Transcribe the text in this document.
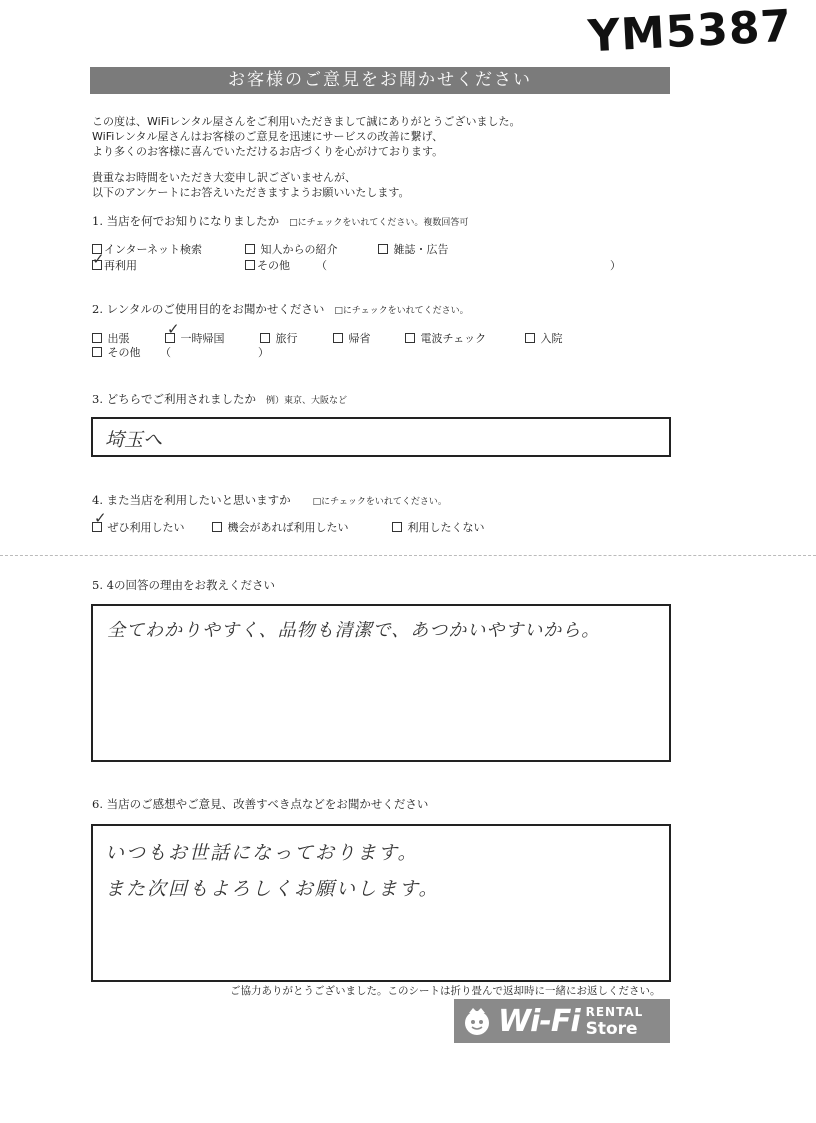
YM5387
お客様のご意見をお聞かせください
この度は、WiFiレンタル屋さんをご利用いただきまして誠にありがとうございました。
WiFiレンタル屋さんはお客様のご意見を迅速にサービスの改善に繋げ、
より多くのお客様に喜んでいただけるお店づくりを心がけております。
貴重なお時間をいただき大変申し訳ございませんが、
以下のアンケートにお答えいただきますようお願いいたします。
1. 当店を何でお知りになりましたか □にチェックをいれてください。複数回答可
インターネット検索	知人からの紹介	雑誌・広告
再利用
✓	その他 （	）
2. レンタルのご使用目的をお聞かせください □にチェックをいれてください。
出張	一時帰国
✓
旅行	帰省	電波チェック	入院
その他 （	）
3. どちらでご利用されましたか 例）東京、大阪など
埼玉へ
4. また当店を利用したいと思いますか □にチェックをいれてください。
ぜひ利用したい
✓
機会があれば利用したい	利用したくない
5. 4の回答の理由をお教えください
全てわかりやすく、品物も清潔で、あつかいやすいから。
6. 当店のご感想やご意見、改善すべき点などをお聞かせください
いつもお世話になっております。
また次回もよろしくお願いします。
ご協力ありがとうございました。このシートは折り畳んで返却時に一緒にお返しください。
Wi-Fi RENTAL
Store
